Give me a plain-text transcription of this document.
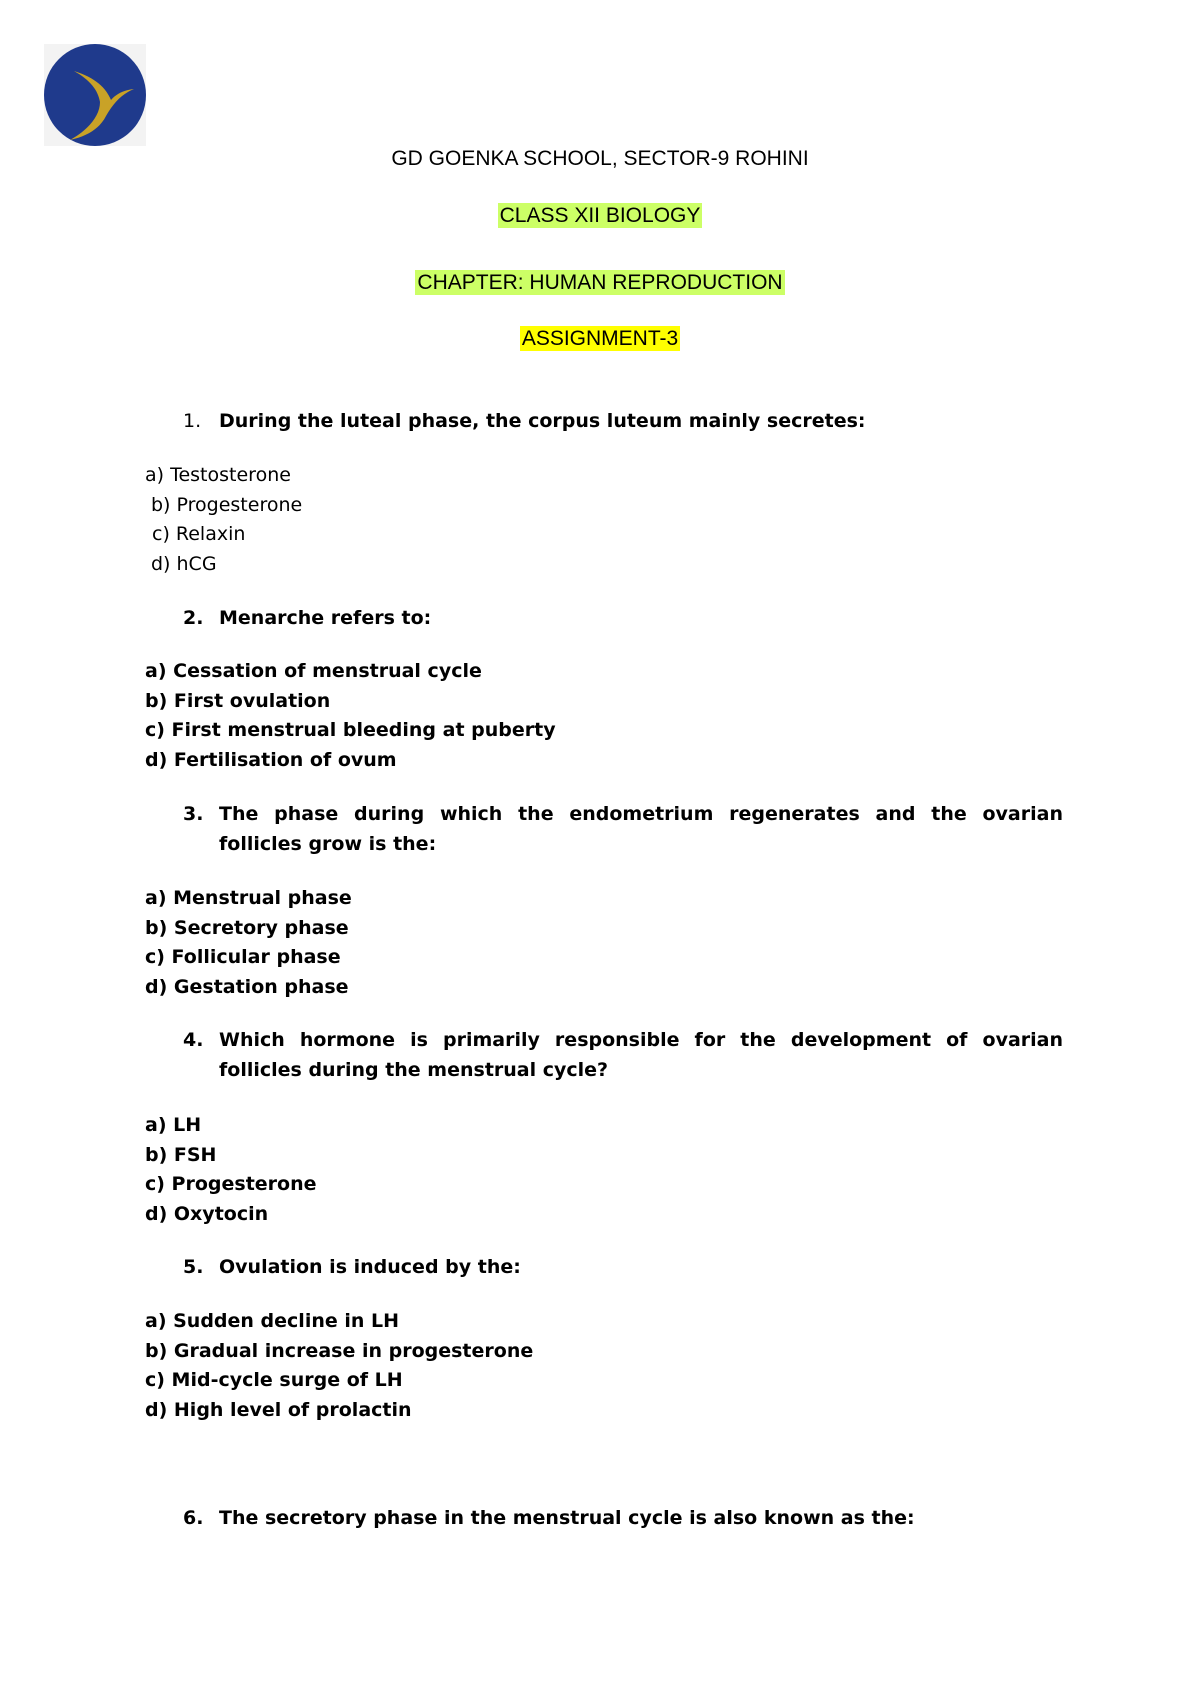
GD GOENKA SCHOOL, SECTOR-9 ROHINI
CLASS XII BIOLOGY
CHAPTER: HUMAN REPRODUCTION
ASSIGNMENT-3
1. During the luteal phase, the corpus luteum mainly secretes:
a) Testosterone
b) Progesterone
c) Relaxin
d) hCG
2. Menarche refers to:
a) Cessation of menstrual cycle
b) First ovulation
c) First menstrual bleeding at puberty
d) Fertilisation of ovum
3. The phase during which the endometrium regenerates and the ovarian follicles grow is the:
a) Menstrual phase
b) Secretory phase
c) Follicular phase
d) Gestation phase
4. Which hormone is primarily responsible for the development of ovarian follicles during the menstrual cycle?
a) LH
b) FSH
c) Progesterone
d) Oxytocin
5. Ovulation is induced by the:
a) Sudden decline in LH
b) Gradual increase in progesterone
c) Mid-cycle surge of LH
d) High level of prolactin
6. The secretory phase in the menstrual cycle is also known as the:
